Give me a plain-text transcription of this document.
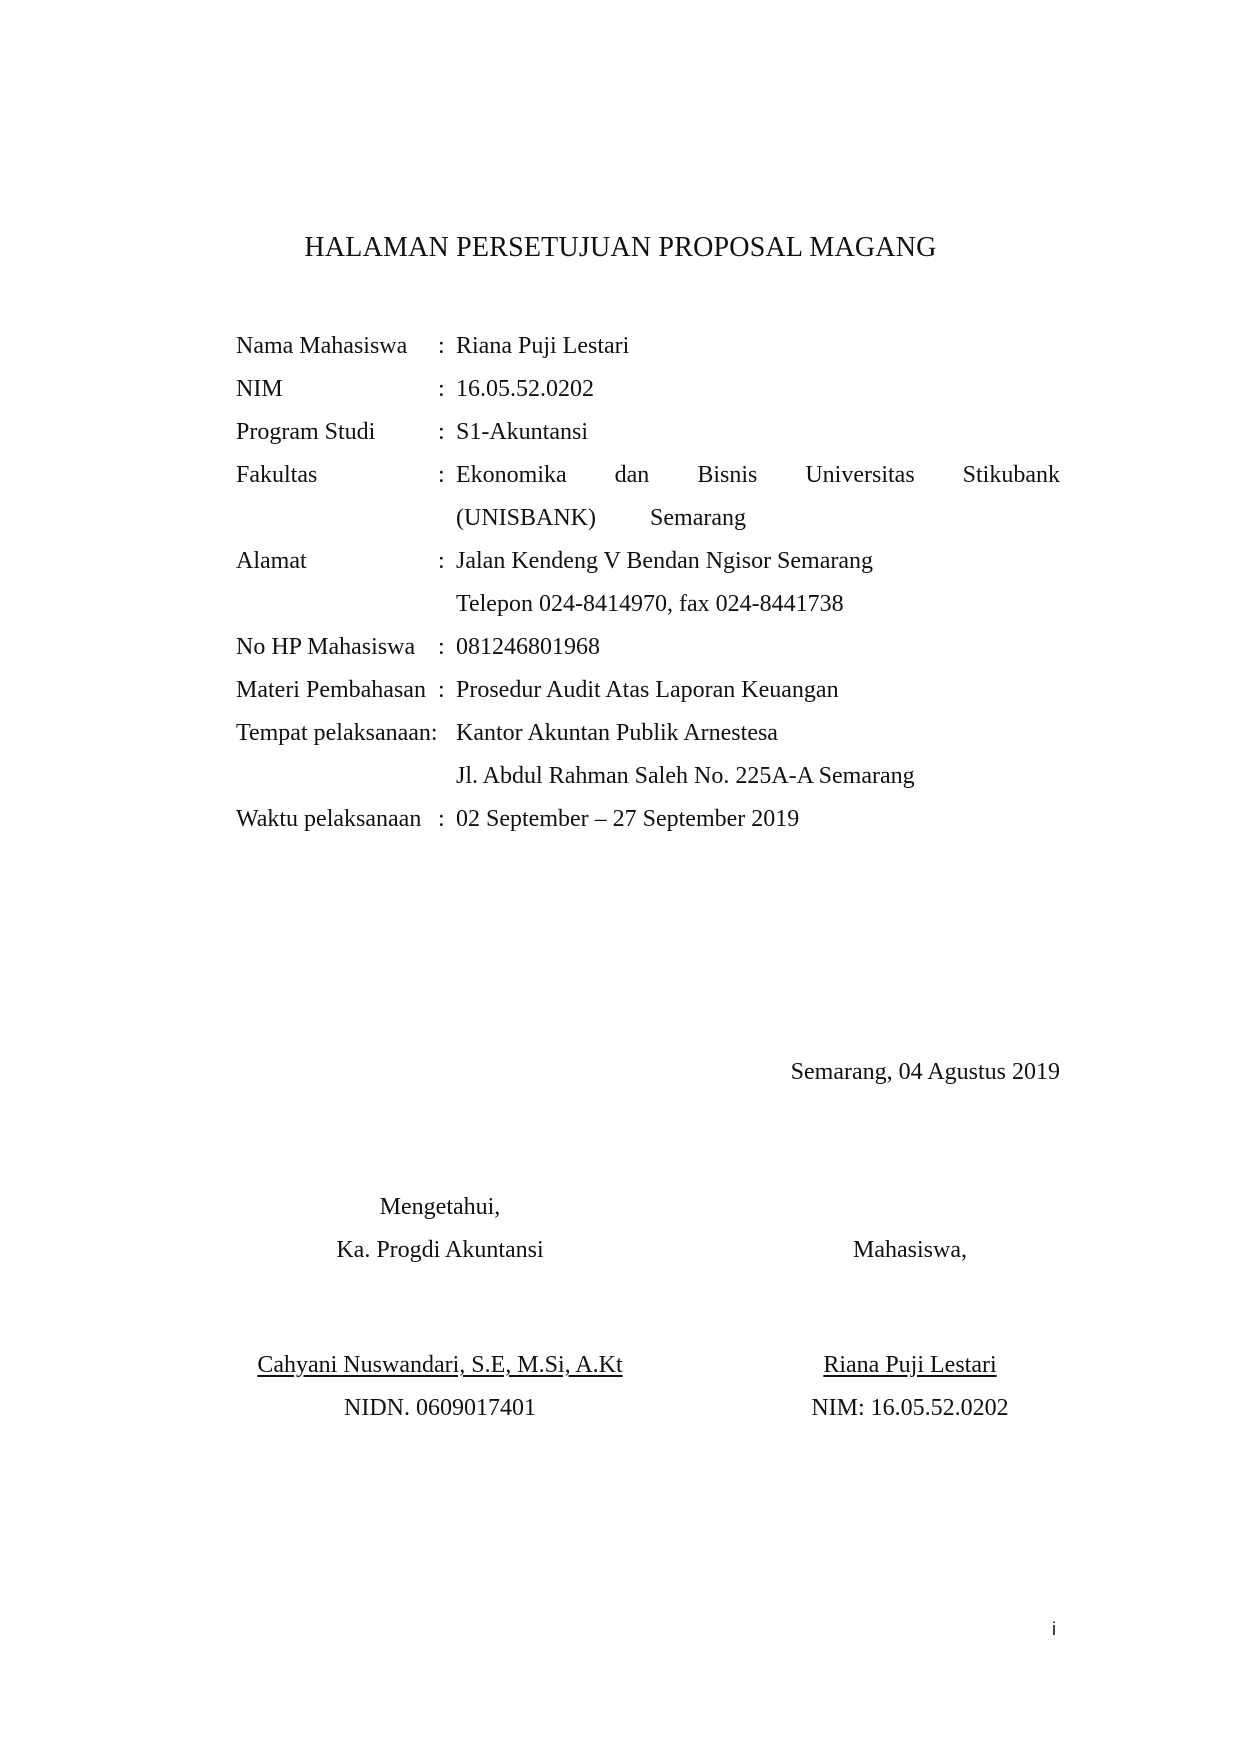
HALAMAN PERSETUJUAN PROPOSAL MAGANG
Nama Mahasiswa : Riana Puji Lestari
NIM	: 16.05.52.0202
Program Studi	: S1-Akuntansi
Fakultas	: Ekonomika dan Bisnis Universitas Stikubank
(UNISBANK) Semarang
Alamat	: Jalan Kendeng V Bendan Ngisor Semarang
Telepon 024-8414970, fax 024-8441738
No HP Mahasiswa : 081246801968
Materi Pembahasan : Prosedur Audit Atas Laporan Keuangan
Tempat pelaksanaan: Kantor Akuntan Publik Arnestesa
Jl. Abdul Rahman Saleh No. 225A-A Semarang
Waktu pelaksanaan : 02 September – 27 September 2019
Semarang, 04 Agustus 2019
Mengetahui,
Ka. Progdi Akuntansi
Cahyani Nuswandari, S.E, M.Si, A.Kt
NIDN. 0609017401
Mahasiswa,
Riana Puji Lestari
NIM: 16.05.52.0202
i
